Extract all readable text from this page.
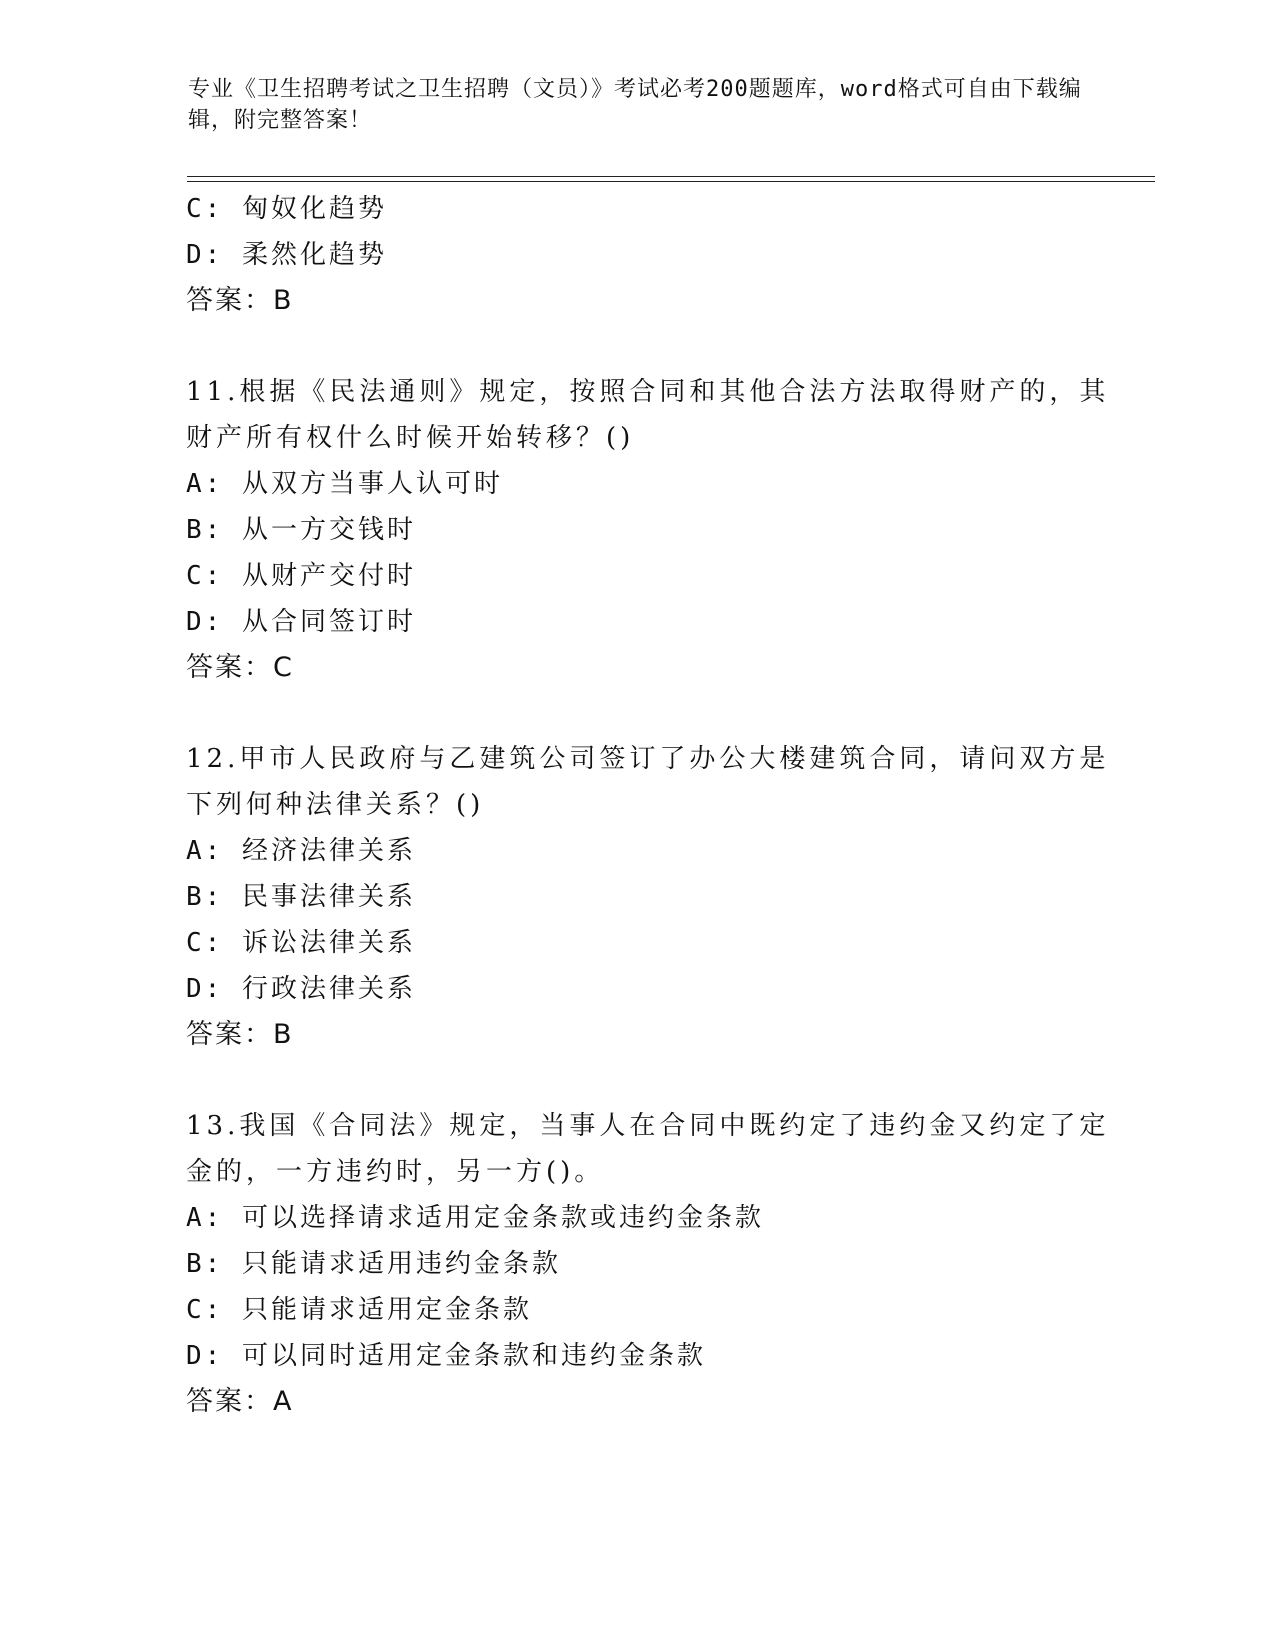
专业《卫生招聘考试之卫生招聘（文员）》考试必考200题题库，word格式可自由下载编辑，附完整答案！
C: 匈奴化趋势
D: 柔然化趋势
答案：B
11.根据《民法通则》规定，按照合同和其他合法方法取得财产的，其
财产所有权什么时候开始转移？()
A: 从双方当事人认可时
B: 从一方交钱时
C: 从财产交付时
D: 从合同签订时
答案：C
12.甲市人民政府与乙建筑公司签订了办公大楼建筑合同，请问双方是
下列何种法律关系？()
A: 经济法律关系
B: 民事法律关系
C: 诉讼法律关系
D: 行政法律关系
答案：B
13.我国《合同法》规定，当事人在合同中既约定了违约金又约定了定
金的，一方违约时，另一方()。
A: 可以选择请求适用定金条款或违约金条款
B: 只能请求适用违约金条款
C: 只能请求适用定金条款
D: 可以同时适用定金条款和违约金条款
答案：A
